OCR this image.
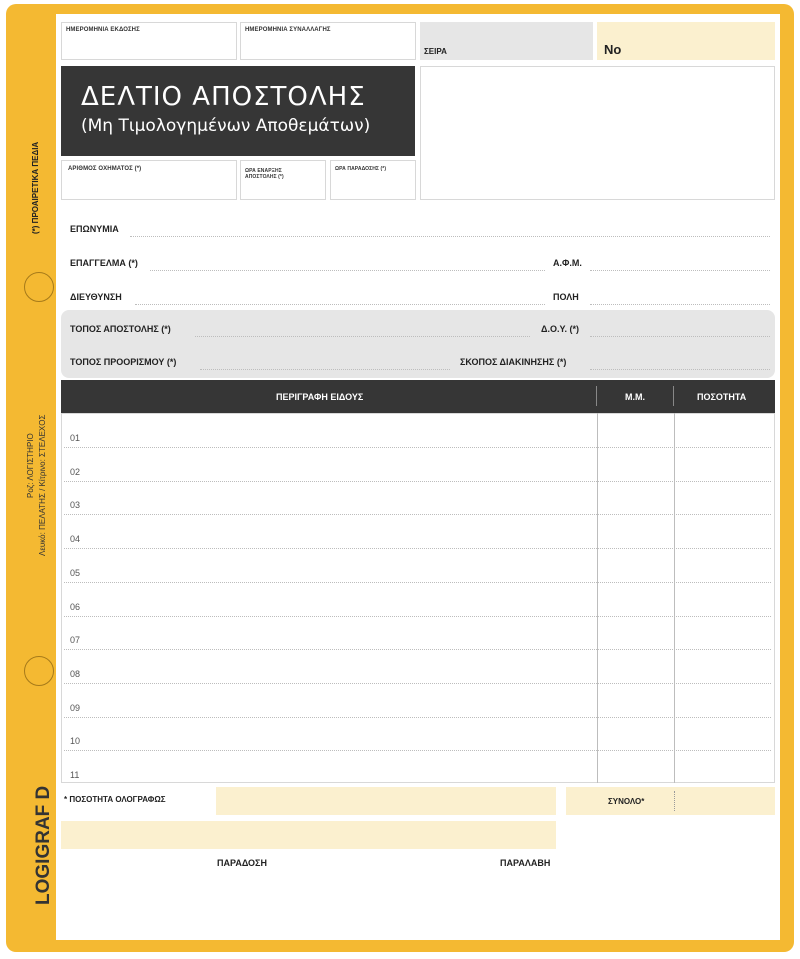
(*) ΠΡΟΑΙΡΕΤΙΚΑ ΠΕΔΙΑ
Ροζ: ΛΟΓΙΣΤΗΡΙΟ Λευκό: ΠΕΛΑΤΗΣ / Κίτρινο: ΣΤΕΛΕΧΟΣ
LOGIGRAF D
ΗΜΕΡΟΜΗΝΙΑ ΕΚΔΟΣΗΣ	ΗΜΕΡΟΜΗΝΙΑ ΣΥΝΑΛΛΑΓΗΣ
ΣΕΙΡΑ	No
ΔΕΛΤΙΟ ΑΠΟΣΤΟΛΗΣ
(Μη Τιμολογημένων Αποθεμάτων)
ΑΡΙΘΜΟΣ ΟΧΗΜΑΤΟΣ (*)	ΩΡΑ ΕΝΑΡΞΗΣ
ΑΠΟΣΤΟΛΗΣ (*)
ΩΡΑ ΠΑΡΑΔΟΣΗΣ (*)
ΕΠΩΝΥΜΙΑ
ΕΠΑΓΓΕΛΜΑ (*)	Α.Φ.Μ.
ΔΙΕΥΘΥΝΣΗ	ΠΟΛΗ
ΤΟΠΟΣ ΑΠΟΣΤΟΛΗΣ (*)	Δ.Ο.Υ. (*)
ΤΟΠΟΣ ΠΡΟΟΡΙΣΜΟΥ (*)	ΣΚΟΠΟΣ ΔΙΑΚΙΝΗΣΗΣ (*)
ΠΕΡΙΓΡΑΦΗ ΕΙΔΟΥΣ	Μ.Μ.	ΠΟΣΟΤΗΤΑ
01
02
03
04
05
06
07
08
09
10
11
* ΠΟΣΟΤΗΤΑ ΟΛΟΓΡΑΦΩΣ	ΣΥΝΟΛΟ*
ΠΑΡΑΔΟΣΗ	ΠΑΡΑΛΑΒΗ
